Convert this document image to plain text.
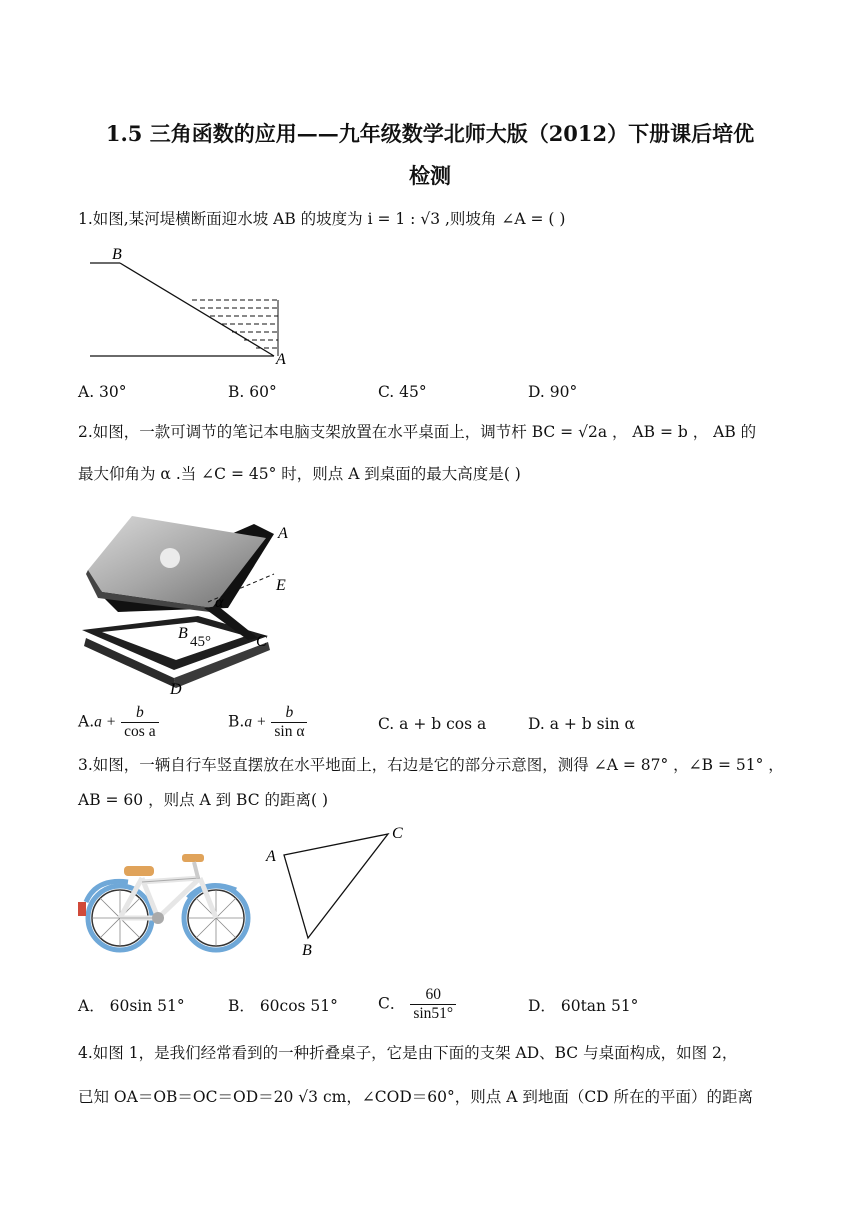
1.5 三角函数的应用——九年级数学北师大版（2012）下册课后培优
检测
1.如图,某河堤横断面迎水坡 AB 的坡度为 i = 1 : √3 ,则坡角 ∠A = ( )
B
A
A. 30°	B. 60°	C. 45°	D. 90°
2.如图，一款可调节的笔记本电脑支架放置在水平桌面上，调节杆 BC = √2a ， AB = b ， AB 的
最大仰角为 α .当 ∠C = 45° 时，则点 A 到桌面的最大高度是( )
A
E
α
B 45°	C
D
$A.a + \frac{b}{\text{cos a}}$	$B.a + \frac{b}{\text{sin α}}$	C. a + b cos a	D. a + b sin α
3.如图，一辆自行车竖直摆放在水平地面上，右边是它的部分示意图，测得 ∠A = 87° ，∠B = 51° ，
AB = 60 ，则点 A 到 BC 的距离( )
A
B
C
A． 60sin 51°	B． 60cos 51°	C． $\frac{60}{\sin 51^\circ}$	D． 60tan 51°
4.如图 1，是我们经常看到的一种折叠桌子，它是由下面的支架 AD、BC 与桌面构成，如图 2，
已知 OA＝OB＝OC＝OD＝20 √3 cm，∠COD＝60°，则点 A 到地面（CD 所在的平面）的距离
